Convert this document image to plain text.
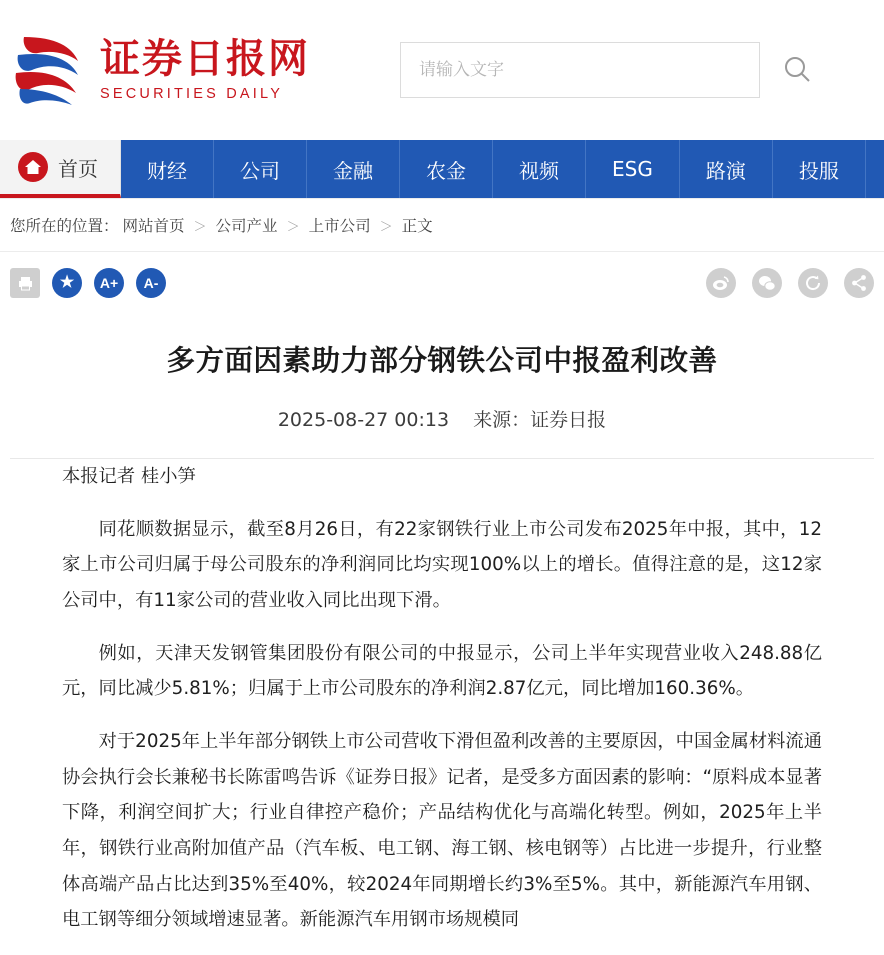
证券日报网
SECURITIES DAILY
请输入文字
首页 财经	公司	金融	农金	视频	ESG	路演	投服
您所在的位置： 网站首页 ＞ 公司产业 ＞ 上市公司 ＞ 正文
★ A+ A-
多方面因素助力部分钢铁公司中报盈利改善
2025-08-27 00:13 来源：证券日报

本报记者 桂小笋

同花顺数据显示，截至8月26日，有22家钢铁行业上市公司发布2025年中报，其中，12家上市公司归属于母公司股东的净利润同比均实现100%以上的增长。值得注意的是，这12家公司中，有11家公司的营业收入同比出现下滑。

例如，天津天发钢管集团股份有限公司的中报显示，公司上半年实现营业收入248.88亿元，同比减少5.81%；归属于上市公司股东的净利润2.87亿元，同比增加160.36%。

对于2025年上半年部分钢铁上市公司营收下滑但盈利改善的主要原因，中国金属材料流通协会执行会长兼秘书长陈雷鸣告诉《证券日报》记者，是受多方面因素的影响：“原料成本显著下降，利润空间扩大；行业自律控产稳价；产品结构优化与高端化转型。例如，2025年上半年，钢铁行业高附加值产品（汽车板、电工钢、海工钢、核电钢等）占比进一步提升，行业整体高端产品占比达到35%至40%，较2024年同期增长约3%至5%。其中，新能源汽车用钢、电工钢等细分领域增速显著。新能源汽车用钢市场规模同
